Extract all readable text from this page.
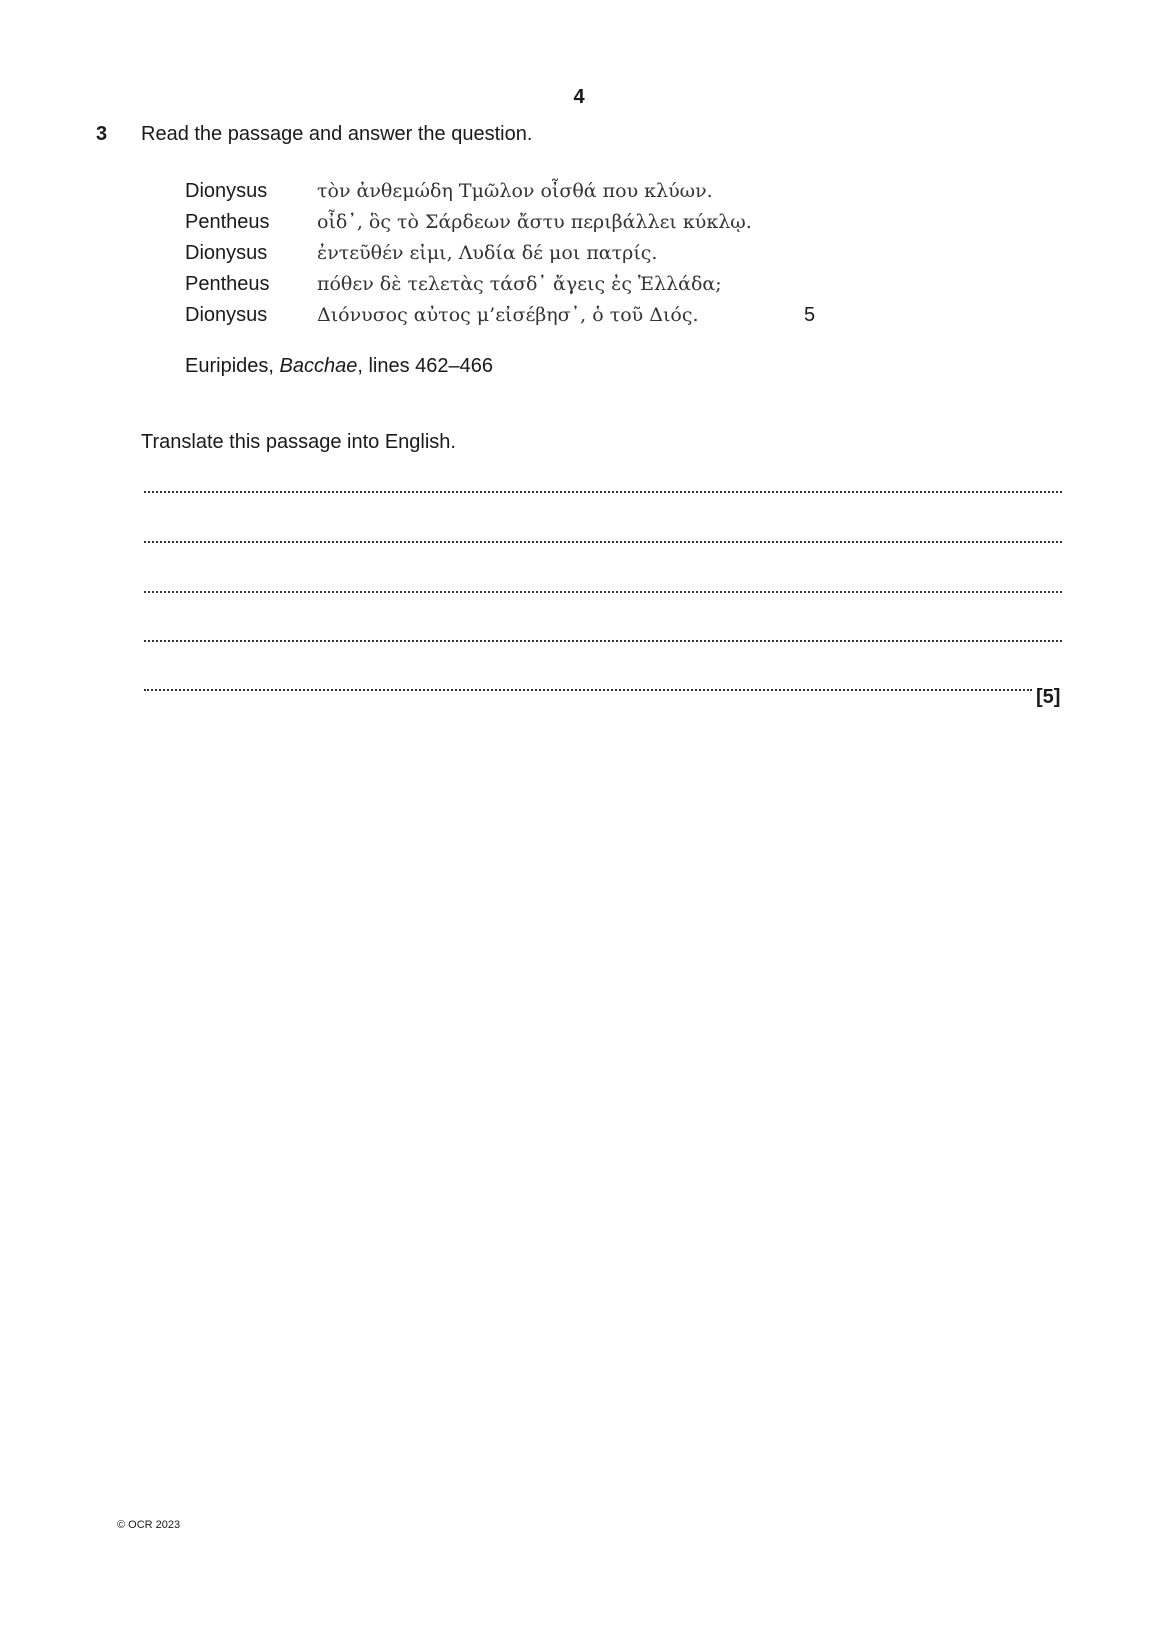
4
3 Read the passage and answer the question.
Dionysus	τὸν ἀνθεμώδη Τμῶλον οἶσθά που κλύων.
Pentheus οἶδ᾽, ὃς τὸ Σάρδεων ἄστυ περιβάλλει κύκλῳ.
Dionysus	ἐντεῦθέν εἰμι, Λυδία δέ μοι πατρίς.
Pentheus πόθεν δὲ τελετὰς τάσδ᾽ ἄγεις ἐς Ἑλλάδα;
Dionysus	Διόνυσος αὐτος μ’εἰσέβησ᾽, ὁ τοῦ Διός.	5
Euripides, Bacchae, lines 462–466
Translate this passage into English.
[5]
© OCR 2023
